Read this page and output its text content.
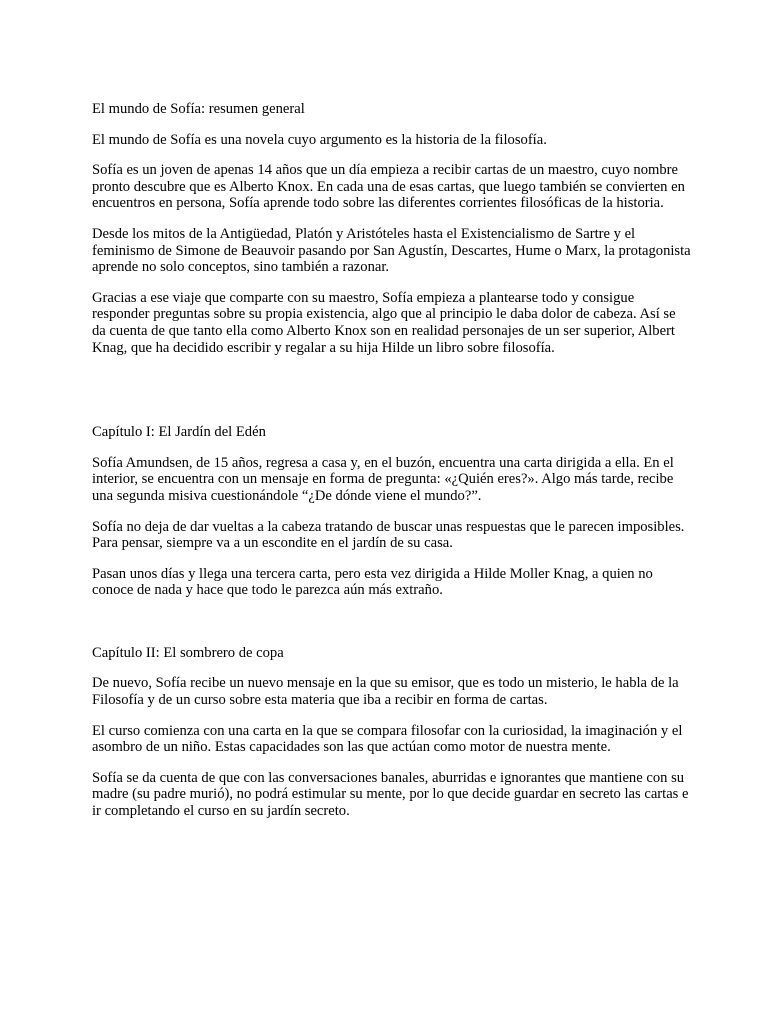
El mundo de Sofía: resumen general

El mundo de Sofía es una novela cuyo argumento es la historia de la filosofía.

Sofía es un joven de apenas 14 años que un día empieza a recibir cartas de un maestro, cuyo nombre pronto descubre que es Alberto Knox. En cada una de esas cartas, que luego también se convierten en encuentros en persona, Sofía aprende todo sobre las diferentes corrientes filosóficas de la historia.

Desde los mitos de la Antigüedad, Platón y Aristóteles hasta el Existencialismo de Sartre y el feminismo de Simone de Beauvoir pasando por San Agustín, Descartes, Hume o Marx, la protagonista aprende no solo conceptos, sino también a razonar.

Gracias a ese viaje que comparte con su maestro, Sofía empieza a plantearse todo y consigue responder preguntas sobre su propia existencia, algo que al principio le daba dolor de cabeza. Así se da cuenta de que tanto ella como Alberto Knox son en realidad personajes de un ser superior, Albert Knag, que ha decidido escribir y regalar a su hija Hilde un libro sobre filosofía.

Capítulo I: El Jardín del Edén

Sofía Amundsen, de 15 años, regresa a casa y, en el buzón, encuentra una carta dirigida a ella. En el interior, se encuentra con un mensaje en forma de pregunta: «¿Quién eres?». Algo más tarde, recibe una segunda misiva cuestionándole “¿De dónde viene el mundo?”.

Sofía no deja de dar vueltas a la cabeza tratando de buscar unas respuestas que le parecen imposibles. Para pensar, siempre va a un escondite en el jardín de su casa.

Pasan unos días y llega una tercera carta, pero esta vez dirigida a Hilde Moller Knag, a quien no conoce de nada y hace que todo le parezca aún más extraño.

Capítulo II: El sombrero de copa

De nuevo, Sofía recibe un nuevo mensaje en la que su emisor, que es todo un misterio, le habla de la Filosofía y de un curso sobre esta materia que iba a recibir en forma de cartas.

El curso comienza con una carta en la que se compara filosofar con la curiosidad, la imaginación y el asombro de un niño. Estas capacidades son las que actúan como motor de nuestra mente.

Sofía se da cuenta de que con las conversaciones banales, aburridas e ignorantes que mantiene con su madre (su padre murió), no podrá estimular su mente, por lo que decide guardar en secreto las cartas e ir completando el curso en su jardín secreto.
